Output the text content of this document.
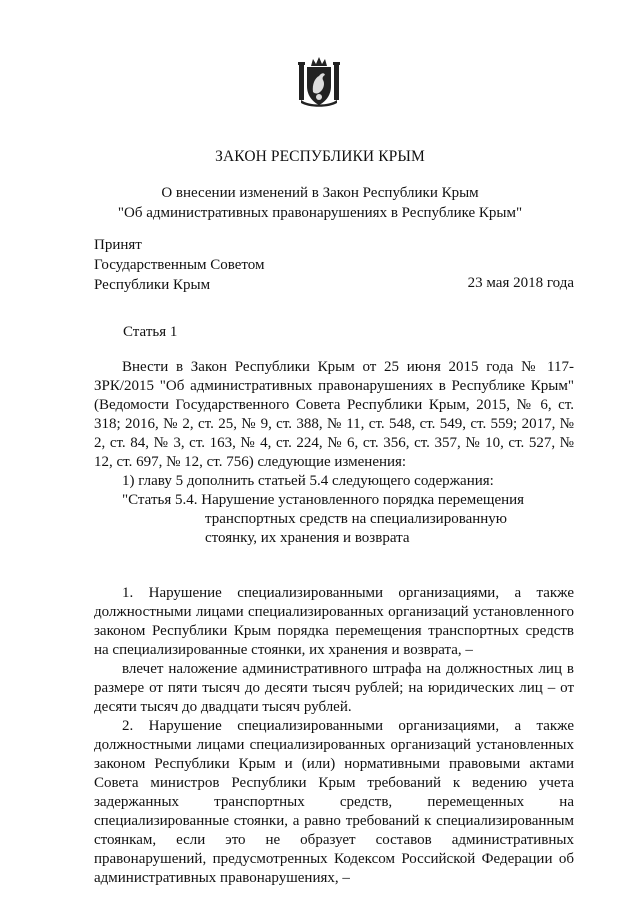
ЗАКОН РЕСПУБЛИКИ КРЫМ
О внесении изменений в Закон Республики Крым
"Об административных правонарушениях в Республике Крым"
Принят
Государственным Советом
Республики Крым	23 мая 2018 года
Статья 1

Внести в Закон Республики Крым от 25 июня 2015 года № 117-ЗРК/2015 "Об административных правонарушениях в Республике Крым" (Ведомости Государственного Совета Республики Крым, 2015, № 6, ст. 318; 2016, № 2, ст. 25, № 9, ст. 388, № 11, ст. 548, ст. 549, ст. 559; 2017, № 2, ст. 84, № 3, ст. 163, № 4, ст. 224, № 6, ст. 356, ст. 357, № 10, ст. 527, № 12, ст. 697, № 12, ст. 756) следующие изменения:

1) главу 5 дополнить статьей 5.4 следующего содержания:

"Статья 5.4. Нарушение установленного порядка перемещения
транспортных средств на специализированную
стоянку, их хранения и возврата

1. Нарушение специализированными организациями, а также должностными лицами специализированных организаций установленного законом Республики Крым порядка перемещения транспортных средств на специализированные стоянки, их хранения и возврата, –

влечет наложение административного штрафа на должностных лиц в размере от пяти тысяч до десяти тысяч рублей; на юридических лиц – от десяти тысяч до двадцати тысяч рублей.

2. Нарушение специализированными организациями, а также должностными лицами специализированных организаций установленных законом Республики Крым и (или) нормативными правовыми актами Совета министров Республики Крым требований к ведению учета задержанных транспортных средств, перемещенных на специализированные стоянки, а равно требований к специализированным стоянкам, если это не образует составов административных правонарушений, предусмотренных Кодексом Российской Федерации об административных правонарушениях, –
